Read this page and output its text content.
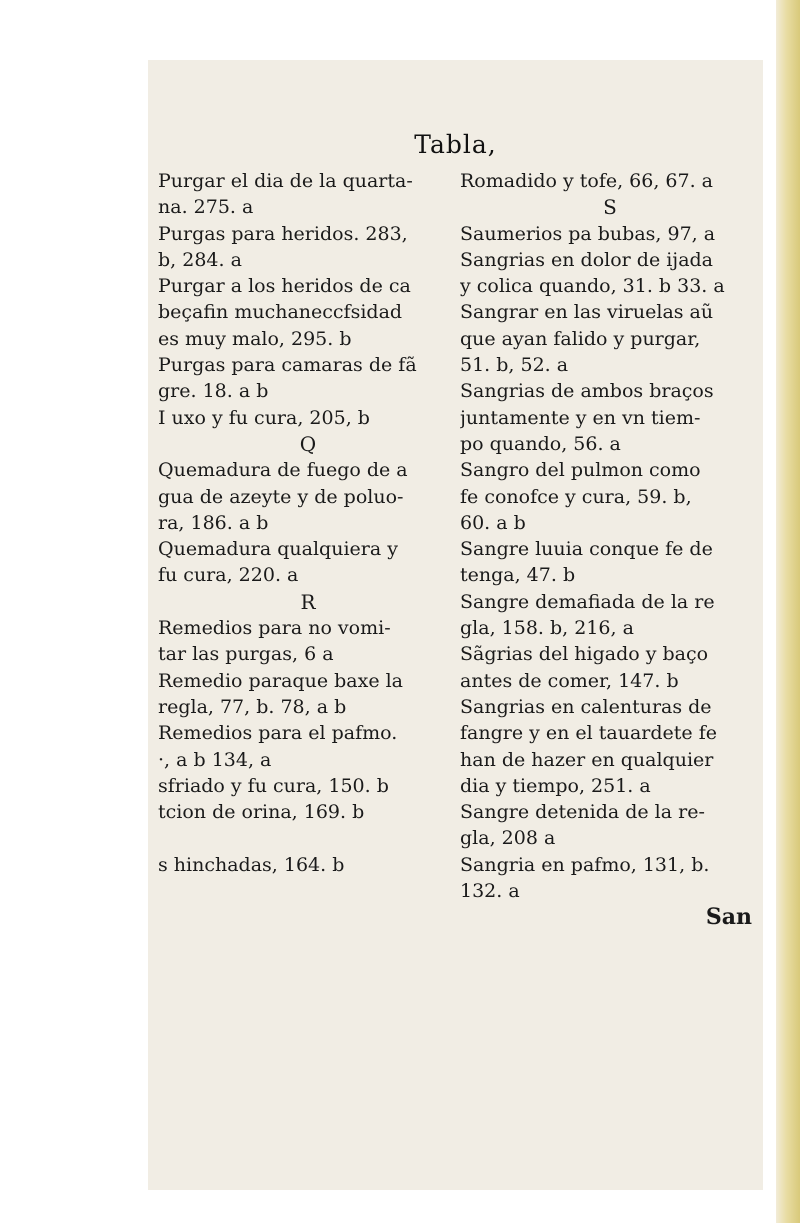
Tabla,
Purgar el dia de la quarta-
na. 275. a
Purgas para heridos. 283,
b, 284. a
Purgar a los heridos de ca
beçafin muchaneccfsidad
es muy malo, 295. b
Purgas para camaras de fã
gre. 18. a b
I uxo y fu cura, 205, b
Q
Quemadura de fuego de a
gua de azeyte y de poluo-
ra, 186. a b
Quemadura qualquiera y
fu cura, 220. a
R
Remedios para no vomi-
tar las purgas, 6 a
Remedio paraque baxe la
regla, 77, b. 78, a b
Remedios para el pafmo.
·, a b 134, a
sfriado y fu cura, 150. b
tcion de orina, 169. b
s hinchadas, 164. b
Romadido y tofe, 66, 67. a
S
Saumerios pa bubas, 97, a
Sangrias en dolor de ijada
y colica quando, 31. b 33. a
Sangrar en las viruelas aũ
que ayan falido y purgar,
51. b, 52. a
Sangrias de ambos braços
juntamente y en vn tiem-
po quando, 56. a
Sangro del pulmon como
fe conofce y cura, 59. b,
60. a b
Sangre luuia conque fe de
tenga, 47. b
Sangre demafiada de la re
gla, 158. b, 216, a
Sãgrias del higado y baço
antes de comer, 147. b
Sangrias en calenturas de
fangre y en el tauardete fe
han de hazer en qualquier
dia y tiempo, 251. a
Sangre detenida de la re-
gla, 208 a
Sangria en pafmo, 131, b.
132. a
San
